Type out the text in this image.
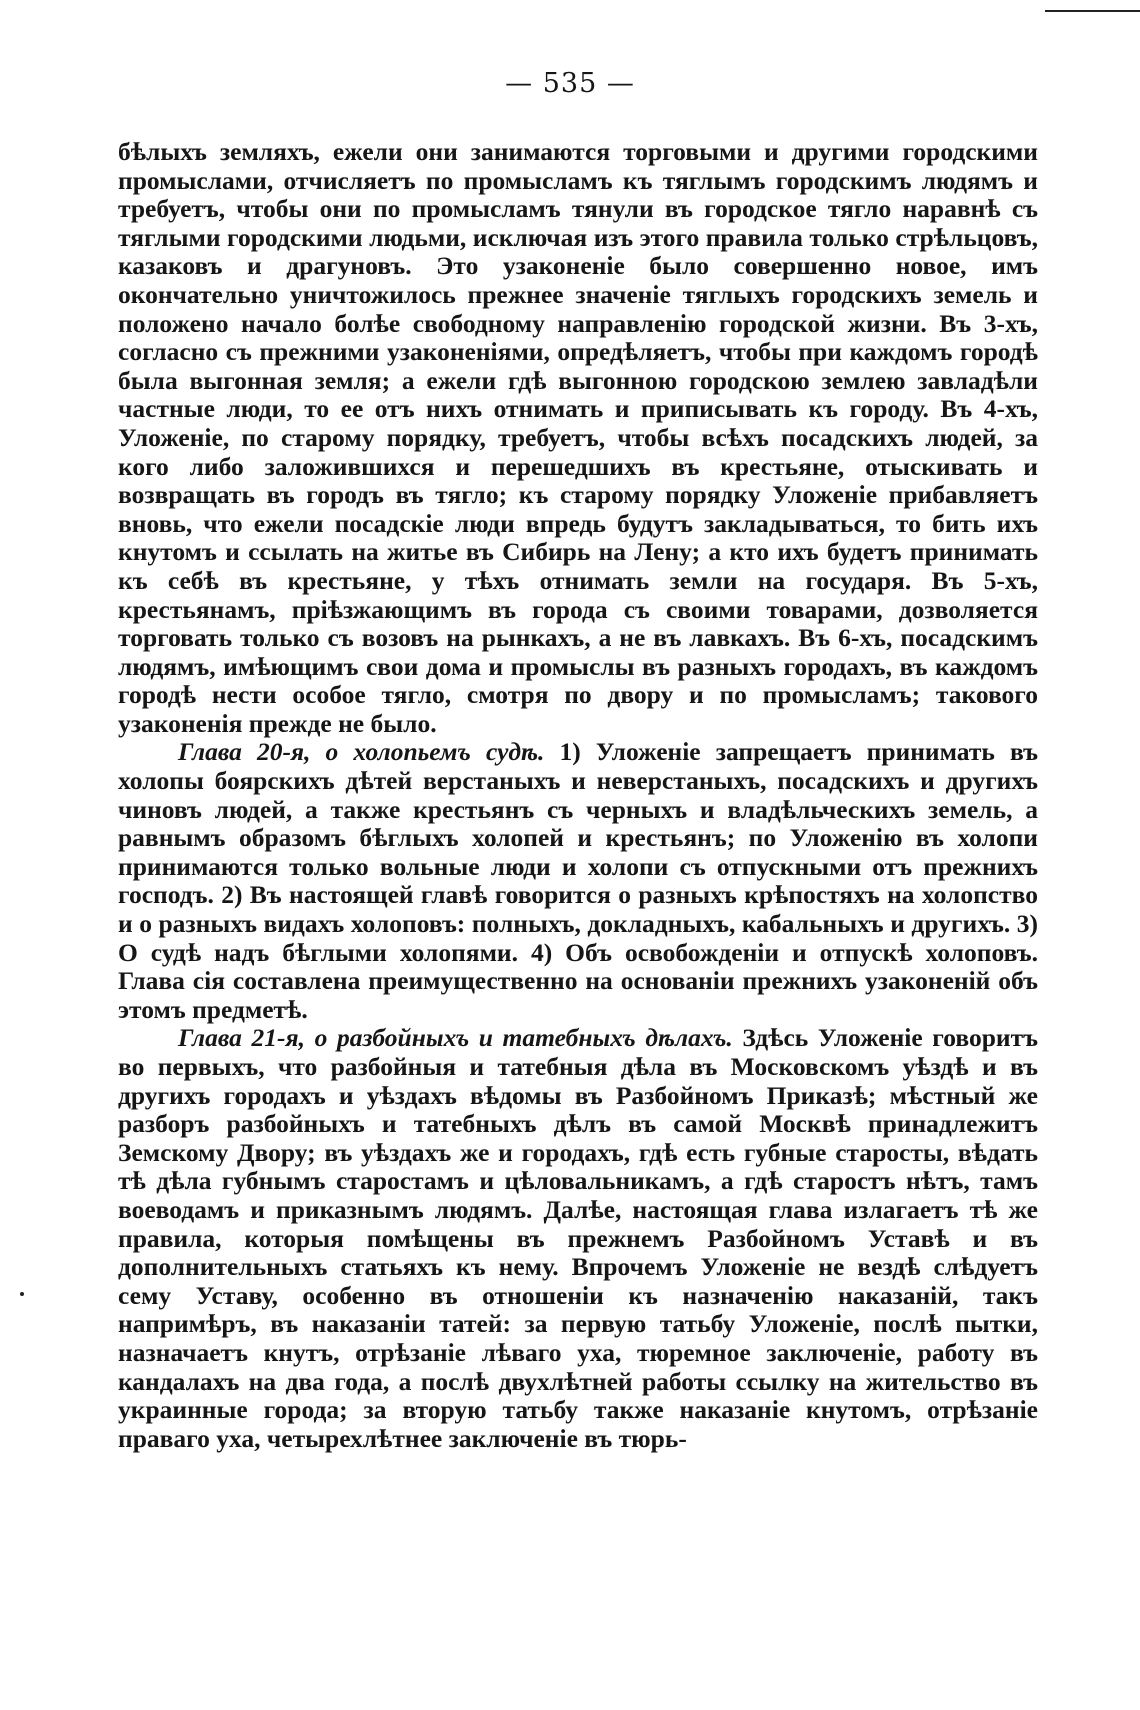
— 535 —

бѣлыхъ земляхъ, ежели они занимаются торговыми и другими городскими промыслами, отчисляетъ по промысламъ къ тяглымъ городскимъ людямъ и требуетъ, чтобы они по промысламъ тянули въ городское тягло наравнѣ съ тяглыми городскими людьми, исключая изъ этого правила только стрѣльцовъ, казаковъ и драгуновъ. Это узаконеніе было совершенно новое, имъ окончательно уничтожилось прежнее значеніе тяглыхъ городскихъ земель и положено начало болѣе свободному направленію городской жизни. Въ 3-хъ, согласно съ прежними узаконеніями, опредѣляетъ, чтобы при каждомъ городѣ была выгонная земля; а ежели гдѣ выгонною городскою землею завладѣли частные люди, то ее отъ нихъ отнимать и приписывать къ городу. Въ 4-хъ, Уложеніе, по старому порядку, требуетъ, чтобы всѣхъ посадскихъ людей, за кого либо заложившихся и перешедшихъ въ крестьяне, отыскивать и возвращать въ городъ въ тягло; къ старому порядку Уложеніе прибавляетъ вновь, что ежели посадскіе люди впредь будутъ закладываться, то бить ихъ кнутомъ и ссылать на житье въ Сибирь на Лену; а кто ихъ будетъ принимать къ себѣ въ крестьяне, у тѣхъ отнимать земли на государя. Въ 5-хъ, крестьянамъ, пріѣзжающимъ въ города съ своими товарами, дозволяется торговать только съ возовъ на рынкахъ, а не въ лавкахъ. Въ 6-хъ, посадскимъ людямъ, имѣющимъ свои дома и промыслы въ разныхъ городахъ, въ каждомъ городѣ нести особое тягло, смотря по двору и по промысламъ; такового узаконенія прежде не было.

Глава 20-я, о холопьемъ судѣ. 1) Уложеніе запрещаетъ принимать въ холопы боярскихъ дѣтей верстаныхъ и неверстаныхъ, посадскихъ и другихъ чиновъ людей, а также крестьянъ съ черныхъ и владѣльческихъ земель, а равнымъ образомъ бѣглыхъ холопей и крестьянъ; по Уложенію въ холопи принимаются только вольные люди и холопи съ отпускными отъ прежнихъ господъ. 2) Въ настоящей главѣ говорится о разныхъ крѣпостяхъ на холопство и о разныхъ видахъ холоповъ: полныхъ, докладныхъ, кабальныхъ и другихъ. 3) О судѣ надъ бѣглыми холопями. 4) Объ освобожденіи и отпускѣ холоповъ. Глава сія составлена преимущественно на основаніи прежнихъ узаконеній объ этомъ предметѣ.

Глава 21-я, о разбойныхъ и татебныхъ дѣлахъ. Здѣсь Уложеніе говоритъ во первыхъ, что разбойныя и татебныя дѣла въ Московскомъ уѣздѣ и въ другихъ городахъ и уѣздахъ вѣдомы въ Разбойномъ Приказѣ; мѣстный же разборъ разбойныхъ и татебныхъ дѣлъ въ самой Москвѣ принадлежитъ Земскому Двору; въ уѣздахъ же и городахъ, гдѣ есть губные старосты, вѣдать тѣ дѣла губнымъ старостамъ и цѣловальникамъ, а гдѣ старостъ нѣтъ, тамъ воеводамъ и приказнымъ людямъ. Далѣе, настоящая глава излагаетъ тѣ же правила, которыя помѣщены въ прежнемъ Разбойномъ Уставѣ и въ дополнительныхъ статьяхъ къ нему. Впрочемъ Уложеніе не вездѣ слѣдуетъ сему Уставу, особенно въ отношеніи къ назначенію наказаній, такъ напримѣръ, въ наказаніи татей: за первую татьбу Уложеніе, послѣ пытки, назначаетъ кнутъ, отрѣзаніе лѣваго уха, тюремное заключеніе, работу въ кандалахъ на два года, а послѣ двухлѣтней работы ссылку на жительство въ украинные города; за вторую татьбу также наказаніе кнутомъ, отрѣзаніе праваго уха, четырехлѣтнее заключеніе въ тюрь-
